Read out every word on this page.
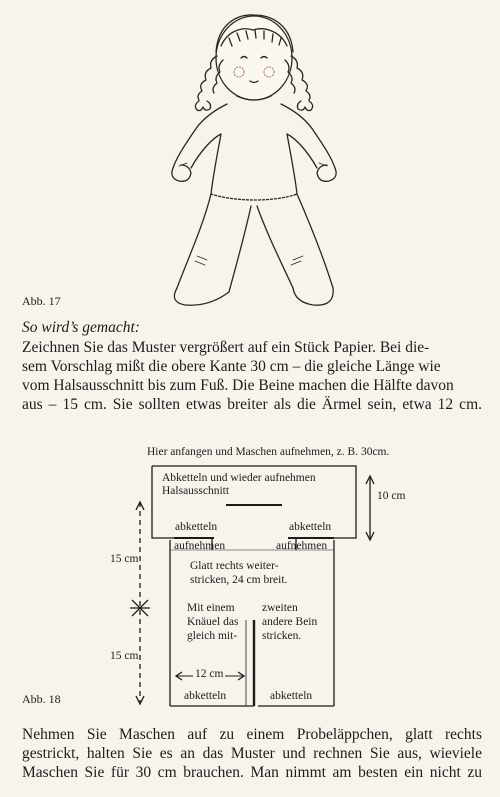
Abb. 17
So wird’s gemacht:
Zeichnen Sie das Muster vergrößert auf ein Stück Papier. Bei die-
sem Vorschlag mißt die obere Kante 30 cm – die gleiche Länge wie
vom Halsausschnitt bis zum Fuß. Die Beine machen die Hälfte davon
aus – 15 cm. Sie sollten etwas breiter als die Ärmel sein, etwa 12 cm.
Hier anfangen und Maschen aufnehmen, z. B. 30cm.
Abketteln und wieder aufnehmen
Halsausschnitt	10 cm
abketteln	abketteln
aufnehmen	aufnehmen
15 cm
15 cm
Glatt rechts weiter-
stricken, 24 cm breit.
Mit einem
Knäuel das
gleich mit-
zweiten
andere Bein
stricken.
12 cm
abketteln	abketteln
Abb. 18
Nehmen Sie Maschen auf zu einem Probeläppchen, glatt rechts
gestrickt, halten Sie es an das Muster und rechnen Sie aus, wieviele
Maschen Sie für 30 cm brauchen. Man nimmt am besten ein nicht zu
